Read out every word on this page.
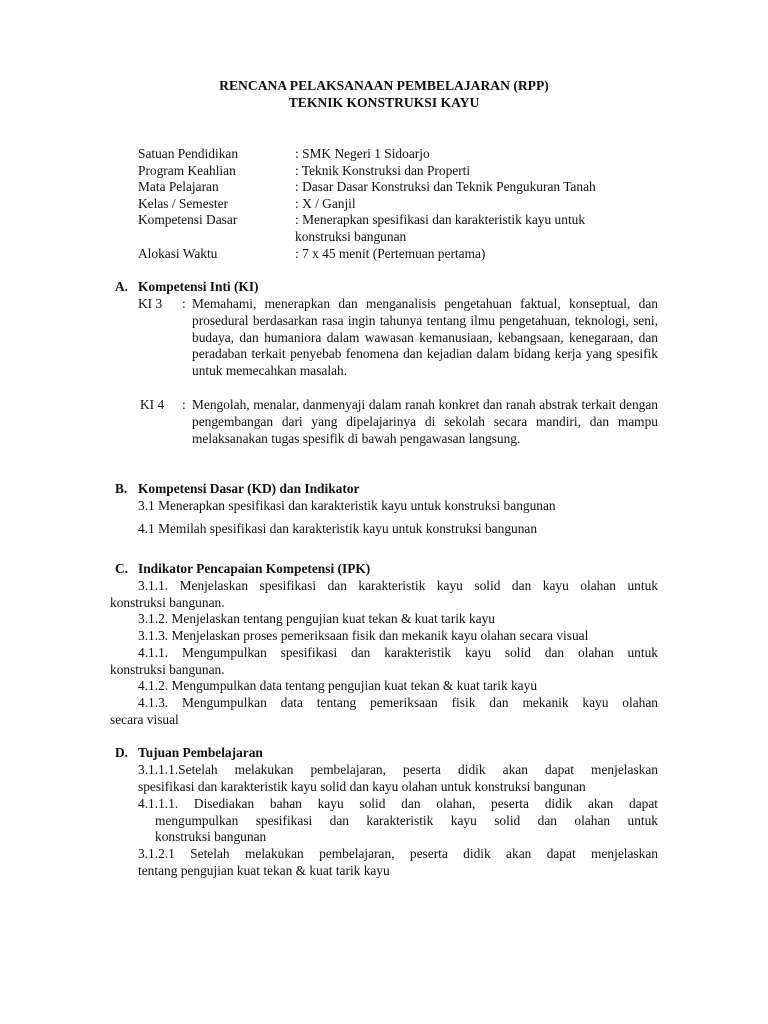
RENCANA PELAKSANAAN PEMBELAJARAN (RPP)
TEKNIK KONSTRUKSI KAYU
Satuan Pendidikan	: SMK Negeri 1 Sidoarjo
Program Keahlian	: Teknik Konstruksi dan Properti
Mata Pelajaran	: Dasar Dasar Konstruksi dan Teknik Pengukuran Tanah
Kelas / Semester	: X / Ganjil
Kompetensi Dasar	: Menerapkan spesifikasi dan karakteristik kayu untuk
konstruksi bangunan
Alokasi Waktu	: 7 x 45 menit (Pertemuan pertama)
A. Kompetensi Inti (KI)
KI 3 : Memahami, menerapkan dan menganalisis pengetahuan faktual, konseptual, dan prosedural berdasarkan rasa ingin tahunya tentang ilmu pengetahuan, teknologi, seni, budaya, dan humaniora dalam wawasan kemanusiaan, kebangsaan, kenegaraan, dan peradaban terkait penyebab fenomena dan kejadian dalam bidang kerja yang spesifik untuk memecahkan masalah.
KI 4 : Mengolah, menalar, danmenyaji dalam ranah konkret dan ranah abstrak terkait dengan pengembangan dari yang dipelajarinya di sekolah secara mandiri, dan mampu melaksanakan tugas spesifik di bawah pengawasan langsung.
B. Kompetensi Dasar (KD) dan Indikator
3.1 Menerapkan spesifikasi dan karakteristik kayu untuk konstruksi bangunan
4.1 Memilah spesifikasi dan karakteristik kayu untuk konstruksi bangunan
C. Indikator Pencapaian Kompetensi (IPK)
3.1.1. Menjelaskan spesifikasi dan karakteristik kayu solid dan kayu olahan untuk
konstruksi bangunan.
3.1.2. Menjelaskan tentang pengujian kuat tekan & kuat tarik kayu
3.1.3. Menjelaskan proses pemeriksaan fisik dan mekanik kayu olahan secara visual
4.1.1. Mengumpulkan spesifikasi dan karakteristik kayu solid dan olahan untuk
konstruksi bangunan.
4.1.2. Mengumpulkan data tentang pengujian kuat tekan & kuat tarik kayu
4.1.3. Mengumpulkan data tentang pemeriksaan fisik dan mekanik kayu olahan
secara visual
D. Tujuan Pembelajaran
3.1.1.1.Setelah melakukan pembelajaran, peserta didik akan dapat menjelaskan
spesifikasi dan karakteristik kayu solid dan kayu olahan untuk konstruksi bangunan
4.1.1.1. Disediakan bahan kayu solid dan olahan, peserta didik akan dapat
mengumpulkan spesifikasi dan karakteristik kayu solid dan olahan untuk
konstruksi bangunan
3.1.2.1 Setelah melakukan pembelajaran, peserta didik akan dapat menjelaskan
tentang pengujian kuat tekan & kuat tarik kayu
